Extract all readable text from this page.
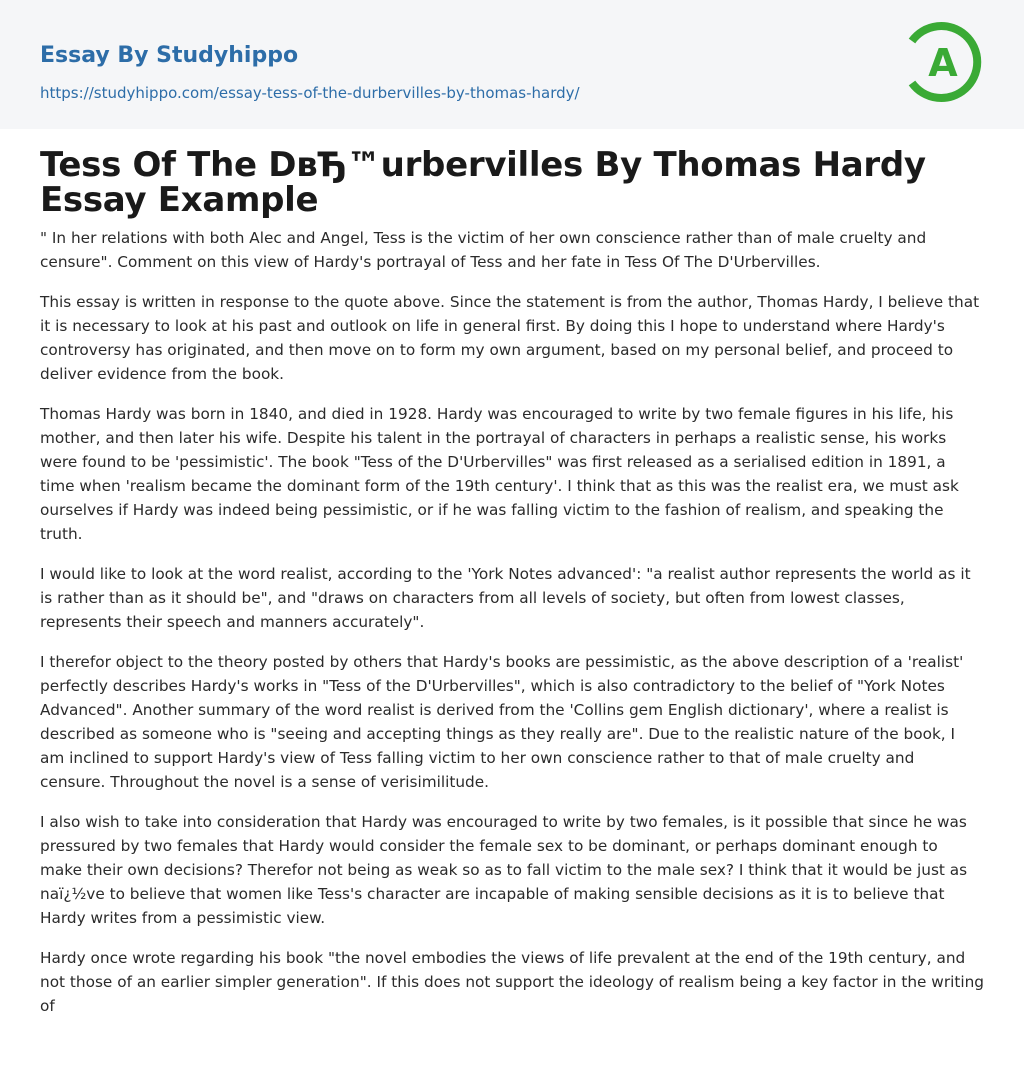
Essay By Studyhippo
https://studyhippo.com/essay-tess-of-the-durbervilles-by-thomas-hardy/
A
Tess Of The DвЂ™urbervilles By Thomas Hardy Essay Example

" In her relations with both Alec and Angel, Tess is the victim of her own conscience rather than of male cruelty and censure". Comment on this view of Hardy's portrayal of Tess and her fate in Tess Of The D'Urbervilles.

This essay is written in response to the quote above. Since the statement is from the author, Thomas Hardy, I believe that it is necessary to look at his past and outlook on life in general first. By doing this I hope to understand where Hardy's controversy has originated, and then move on to form my own argument, based on my personal belief, and proceed to deliver evidence from the book.

Thomas Hardy was born in 1840, and died in 1928. Hardy was encouraged to write by two female figures in his life, his mother, and then later his wife. Despite his talent in the portrayal of characters in perhaps a realistic sense, his works were found to be 'pessimistic'. The book "Tess of the D'Urbervilles" was first released as a serialised edition in 1891, a time when 'realism became the dominant form of the 19th century'. I think that as this was the realist era, we must ask ourselves if Hardy was indeed being pessimistic, or if he was falling victim to the fashion of realism, and speaking the truth.

I would like to look at the word realist, according to the 'York Notes advanced': "a realist author represents the world as it is rather than as it should be", and "draws on characters from all levels of society, but often from lowest classes, represents their speech and manners accurately".

I therefor object to the theory posted by others that Hardy's books are pessimistic, as the above description of a 'realist' perfectly describes Hardy's works in "Tess of the D'Urbervilles", which is also contradictory to the belief of "York Notes Advanced". Another summary of the word realist is derived from the 'Collins gem English dictionary', where a realist is described as someone who is "seeing and accepting things as they really are". Due to the realistic nature of the book, I am inclined to support Hardy's view of Tess falling victim to her own conscience rather to that of male cruelty and censure. Throughout the novel is a sense of verisimilitude.

I also wish to take into consideration that Hardy was encouraged to write by two females, is it possible that since he was pressured by two females that Hardy would consider the female sex to be dominant, or perhaps dominant enough to make their own decisions? Therefor not being as weak so as to fall victim to the male sex? I think that it would be just as naï¿½ve to believe that women like Tess's character are incapable of making sensible decisions as it is to believe that Hardy writes from a pessimistic view.

Hardy once wrote regarding his book "the novel embodies the views of life prevalent at the end of the 19th century, and not those of an earlier simpler generation". If this does not support the ideology of realism being a key factor in the writing of
